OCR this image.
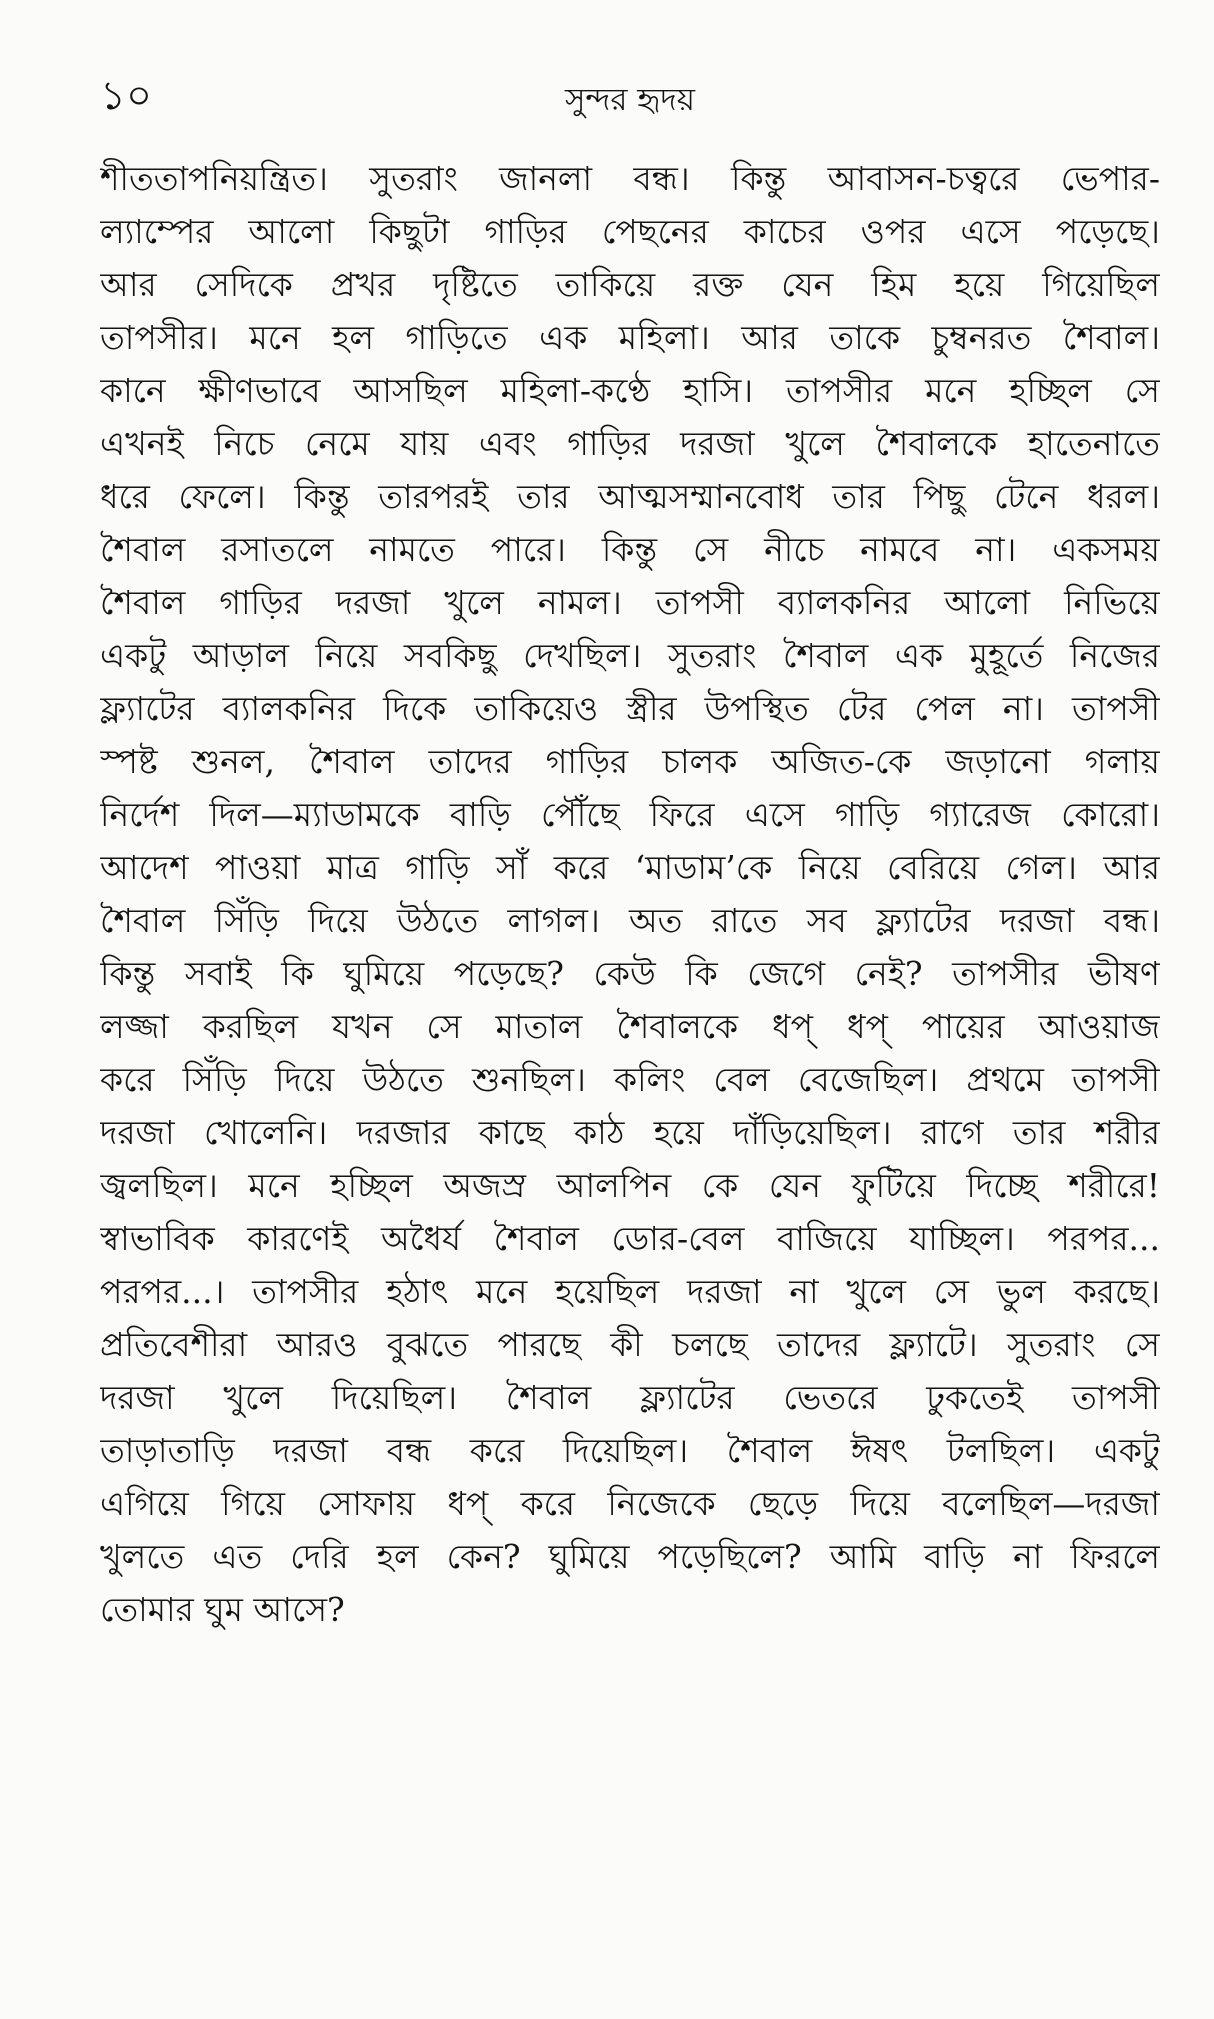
১০	সুন্দর হৃদয়
শীততাপনিয়ন্ত্রিত। সুতরাং জানলা বন্ধ। কিন্তু আবাসন-চত্বরে ভেপার-
ল্যাম্পের আলো কিছুটা গাড়ির পেছনের কাচের ওপর এসে পড়েছে।
আর সেদিকে প্রখর দৃষ্টিতে তাকিয়ে রক্ত যেন হিম হয়ে গিয়েছিল
তাপসীর। মনে হল গাড়িতে এক মহিলা। আর তাকে চুম্বনরত শৈবাল।
কানে ক্ষীণভাবে আসছিল মহিলা-কণ্ঠে হাসি। তাপসীর মনে হচ্ছিল সে
এখনই নিচে নেমে যায় এবং গাড়ির দরজা খুলে শৈবালকে হাতেনাতে
ধরে ফেলে। কিন্তু তারপরই তার আত্মসম্মানবোধ তার পিছু টেনে ধরল।
শৈবাল রসাতলে নামতে পারে। কিন্তু সে নীচে নামবে না। একসময়
শৈবাল গাড়ির দরজা খুলে নামল। তাপসী ব্যালকনির আলো নিভিয়ে
একটু আড়াল নিয়ে সবকিছু দেখছিল। সুতরাং শৈবাল এক মুহূর্তে নিজের
ফ্ল্যাটের ব্যালকনির দিকে তাকিয়েও স্ত্রীর উপস্থিত টের পেল না। তাপসী
স্পষ্ট শুনল, শৈবাল তাদের গাড়ির চালক অজিত-কে জড়ানো গলায়
নির্দেশ দিল—ম্যাডামকে বাড়ি পৌঁছে ফিরে এসে গাড়ি গ্যারেজ কোরো।
আদেশ পাওয়া মাত্র গাড়ি সাঁ করে ‘মাডাম’কে নিয়ে বেরিয়ে গেল। আর
শৈবাল সিঁড়ি দিয়ে উঠতে লাগল। অত রাতে সব ফ্ল্যাটের দরজা বন্ধ।
কিন্তু সবাই কি ঘুমিয়ে পড়েছে? কেউ কি জেগে নেই? তাপসীর ভীষণ
লজ্জা করছিল যখন সে মাতাল শৈবালকে ধপ্ ধপ্ পায়ের আওয়াজ
করে সিঁড়ি দিয়ে উঠতে শুনছিল। কলিং বেল বেজেছিল। প্রথমে তাপসী
দরজা খোলেনি। দরজার কাছে কাঠ হয়ে দাঁড়িয়েছিল। রাগে তার শরীর
জ্বলছিল। মনে হচ্ছিল অজস্র আলপিন কে যেন ফুটিয়ে দিচ্ছে শরীরে!
স্বাভাবিক কারণেই অধৈর্য শৈবাল ডোর-বেল বাজিয়ে যাচ্ছিল। পরপর...
পরপর...। তাপসীর হঠাৎ মনে হয়েছিল দরজা না খুলে সে ভুল করছে।
প্রতিবেশীরা আরও বুঝতে পারছে কী চলছে তাদের ফ্ল্যাটে। সুতরাং সে
দরজা খুলে দিয়েছিল। শৈবাল ফ্ল্যাটের ভেতরে ঢুকতেই তাপসী
তাড়াতাড়ি দরজা বন্ধ করে দিয়েছিল। শৈবাল ঈষৎ টলছিল। একটু
এগিয়ে গিয়ে সোফায় ধপ্ করে নিজেকে ছেড়ে দিয়ে বলেছিল—দরজা
খুলতে এত দেরি হল কেন? ঘুমিয়ে পড়েছিলে? আমি বাড়ি না ফিরলে
তোমার ঘুম আসে?
